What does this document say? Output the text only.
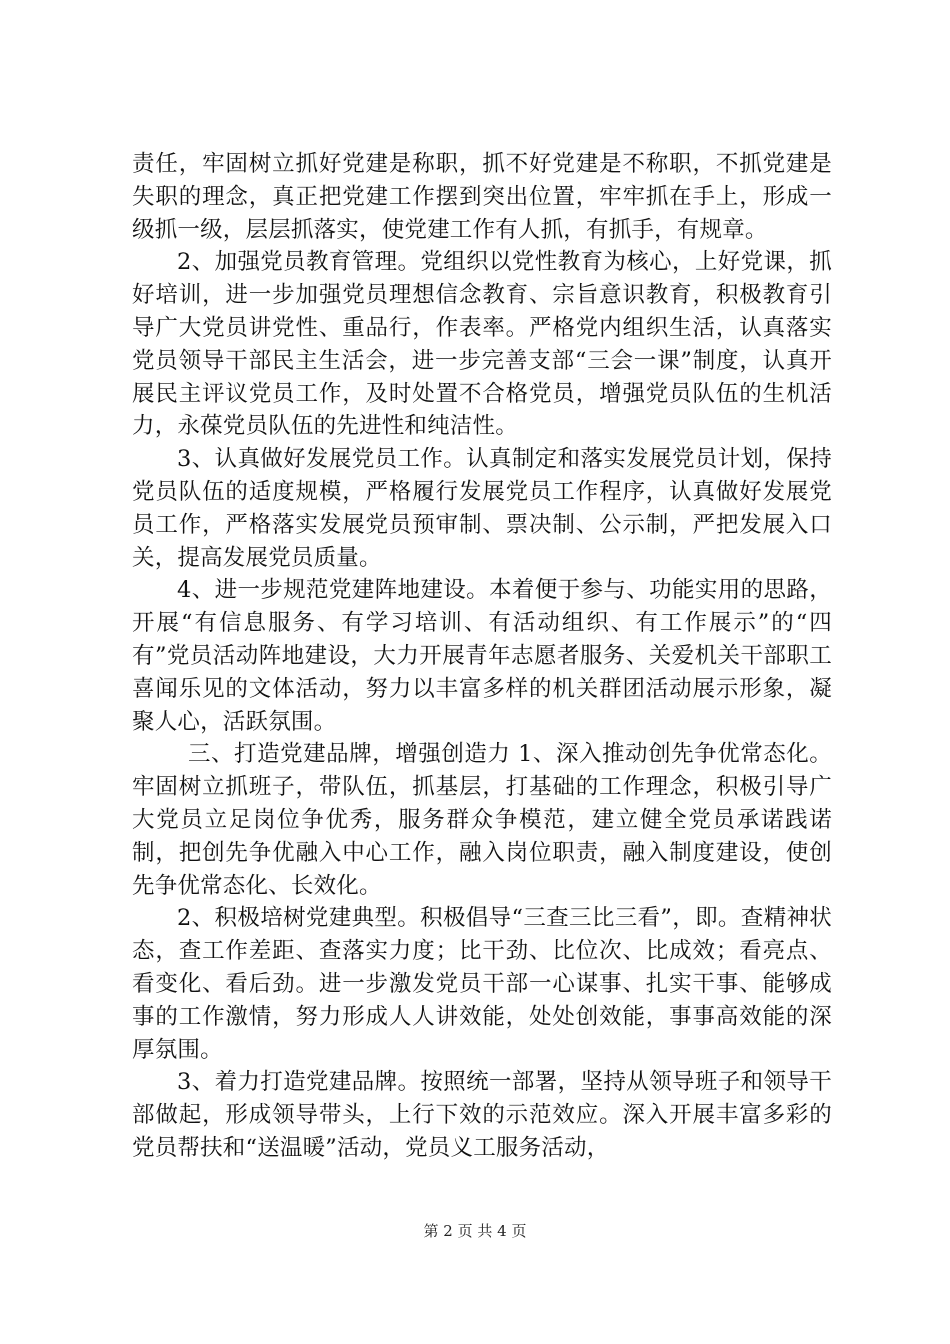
责任，牢固树立抓好党建是称职，抓不好党建是不称职，不抓党建是失职的理念，真正把党建工作摆到突出位置，牢牢抓在手上，形成一级抓一级，层层抓落实，使党建工作有人抓，有抓手，有规章。

2、加强党员教育管理。党组织以党性教育为核心，上好党课，抓好培训，进一步加强党员理想信念教育、宗旨意识教育，积极教育引导广大党员讲党性、重品行，作表率。严格党内组织生活，认真落实党员领导干部民主生活会，进一步完善支部“三会一课”制度，认真开展民主评议党员工作，及时处置不合格党员，增强党员队伍的生机活力，永葆党员队伍的先进性和纯洁性。

3、认真做好发展党员工作。认真制定和落实发展党员计划，保持党员队伍的适度规模，严格履行发展党员工作程序，认真做好发展党员工作，严格落实发展党员预审制、票决制、公示制，严把发展入口关，提高发展党员质量。

4、进一步规范党建阵地建设。本着便于参与、功能实用的思路，开展“有信息服务、有学习培训、有活动组织、有工作展示”的“四有”党员活动阵地建设，大力开展青年志愿者服务、关爱机关干部职工喜闻乐见的文体活动，努力以丰富多样的机关群团活动展示形象，凝聚人心，活跃氛围。

三、打造党建品牌，增强创造力 1、深入推动创先争优常态化。牢固树立抓班子，带队伍，抓基层，打基础的工作理念，积极引导广大党员立足岗位争优秀，服务群众争模范，建立健全党员承诺践诺制，把创先争优融入中心工作，融入岗位职责，融入制度建设，使创先争优常态化、长效化。

2、积极培树党建典型。积极倡导“三查三比三看”，即。查精神状态，查工作差距、查落实力度；比干劲、比位次、比成效；看亮点、看变化、看后劲。进一步激发党员干部一心谋事、扎实干事、能够成事的工作激情，努力形成人人讲效能，处处创效能，事事高效能的深厚氛围。

3、着力打造党建品牌。按照统一部署，坚持从领导班子和领导干部做起，形成领导带头，上行下效的示范效应。深入开展丰富多彩的党员帮扶和“送温暖”活动，党员义工服务活动，

第 2 页 共 4 页
